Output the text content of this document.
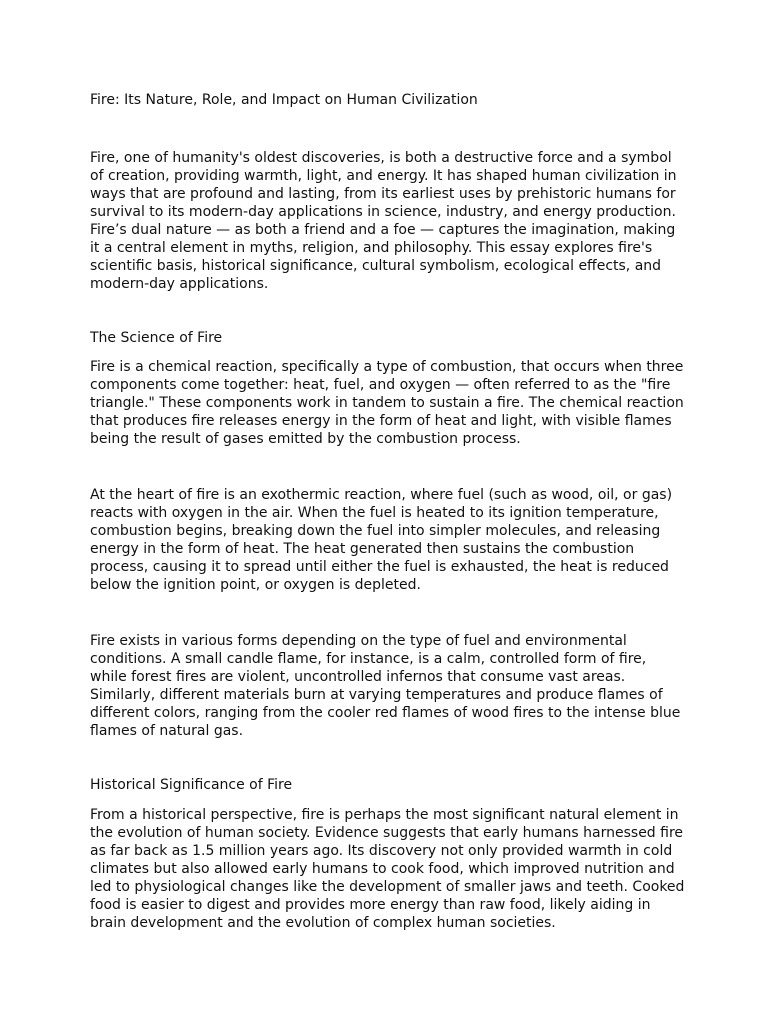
Fire: Its Nature, Role, and Impact on Human Civilization
Fire, one of humanity's oldest discoveries, is both a destructive force and a symbol
of creation, providing warmth, light, and energy. It has shaped human civilization in
ways that are profound and lasting, from its earliest uses by prehistoric humans for
survival to its modern-day applications in science, industry, and energy production.
Fire’s dual nature — as both a friend and a foe — captures the imagination, making
it a central element in myths, religion, and philosophy. This essay explores fire's
scientific basis, historical significance, cultural symbolism, ecological effects, and
modern-day applications.
The Science of Fire
Fire is a chemical reaction, specifically a type of combustion, that occurs when three
components come together: heat, fuel, and oxygen — often referred to as the "fire
triangle." These components work in tandem to sustain a fire. The chemical reaction
that produces fire releases energy in the form of heat and light, with visible flames
being the result of gases emitted by the combustion process.
At the heart of fire is an exothermic reaction, where fuel (such as wood, oil, or gas)
reacts with oxygen in the air. When the fuel is heated to its ignition temperature,
combustion begins, breaking down the fuel into simpler molecules, and releasing
energy in the form of heat. The heat generated then sustains the combustion
process, causing it to spread until either the fuel is exhausted, the heat is reduced
below the ignition point, or oxygen is depleted.
Fire exists in various forms depending on the type of fuel and environmental
conditions. A small candle flame, for instance, is a calm, controlled form of fire,
while forest fires are violent, uncontrolled infernos that consume vast areas.
Similarly, different materials burn at varying temperatures and produce flames of
different colors, ranging from the cooler red flames of wood fires to the intense blue
flames of natural gas.
Historical Significance of Fire
From a historical perspective, fire is perhaps the most significant natural element in
the evolution of human society. Evidence suggests that early humans harnessed fire
as far back as 1.5 million years ago. Its discovery not only provided warmth in cold
climates but also allowed early humans to cook food, which improved nutrition and
led to physiological changes like the development of smaller jaws and teeth. Cooked
food is easier to digest and provides more energy than raw food, likely aiding in
brain development and the evolution of complex human societies.
